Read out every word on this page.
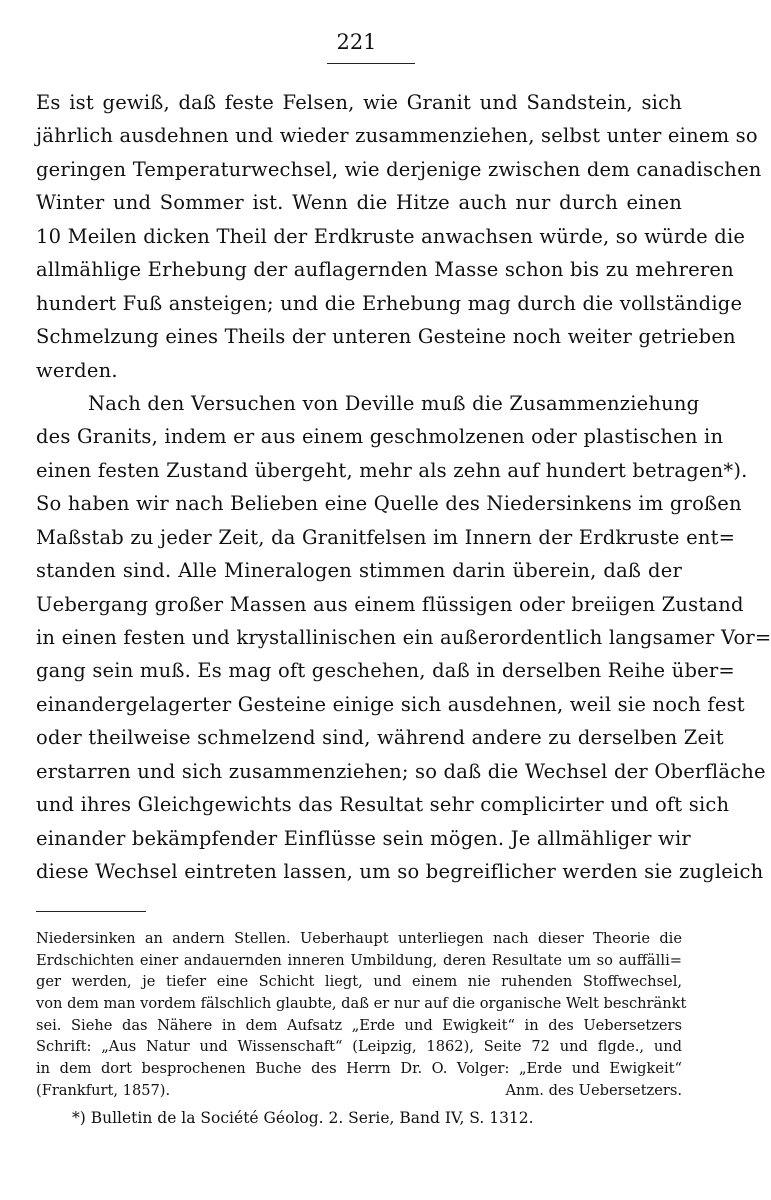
221
Es ist gewiß, daß feste Felsen, wie Granit und Sandstein, sich
jährlich ausdehnen und wieder zusammenziehen, selbst unter einem so
geringen Temperaturwechsel, wie derjenige zwischen dem canadischen
Winter und Sommer ist. Wenn die Hitze auch nur durch einen
10 Meilen dicken Theil der Erdkruste anwachsen würde, so würde die
allmählige Erhebung der auflagernden Masse schon bis zu mehreren
hundert Fuß ansteigen; und die Erhebung mag durch die vollständige
Schmelzung eines Theils der unteren Gesteine noch weiter getrieben
werden.
Nach den Versuchen von Deville muß die Zusammenziehung
des Granits, indem er aus einem geschmolzenen oder plastischen in
einen festen Zustand übergeht, mehr als zehn auf hundert betragen*).
So haben wir nach Belieben eine Quelle des Niedersinkens im großen
Maßstab zu jeder Zeit, da Granitfelsen im Innern der Erdkruste ent=
standen sind. Alle Mineralogen stimmen darin überein, daß der
Uebergang großer Massen aus einem flüssigen oder breiigen Zustand
in einen festen und krystallinischen ein außerordentlich langsamer Vor=
gang sein muß. Es mag oft geschehen, daß in derselben Reihe über=
einandergelagerter Gesteine einige sich ausdehnen, weil sie noch fest
oder theilweise schmelzend sind, während andere zu derselben Zeit
erstarren und sich zusammenziehen; so daß die Wechsel der Oberfläche
und ihres Gleichgewichts das Resultat sehr complicirter und oft sich
einander bekämpfender Einflüsse sein mögen. Je allmähliger wir
diese Wechsel eintreten lassen, um so begreiflicher werden sie zugleich
Niedersinken an andern Stellen. Ueberhaupt unterliegen nach dieser Theorie die
Erdschichten einer andauernden inneren Umbildung, deren Resultate um so auffälli=
ger werden, je tiefer eine Schicht liegt, und einem nie ruhenden Stoffwechsel,
von dem man vordem fälschlich glaubte, daß er nur auf die organische Welt beschränkt
sei. Siehe das Nähere in dem Aufsatz „Erde und Ewigkeit“ in des Uebersetzers
Schrift: „Aus Natur und Wissenschaft“ (Leipzig, 1862), Seite 72 und flgde., und
in dem dort besprochenen Buche des Herrn Dr. O. Volger: „Erde und Ewigkeit“
(Frankfurt, 1857).	Anm. des Uebersetzers.
*) Bulletin de la Société Géolog. 2. Serie, Band IV, S. 1312.
